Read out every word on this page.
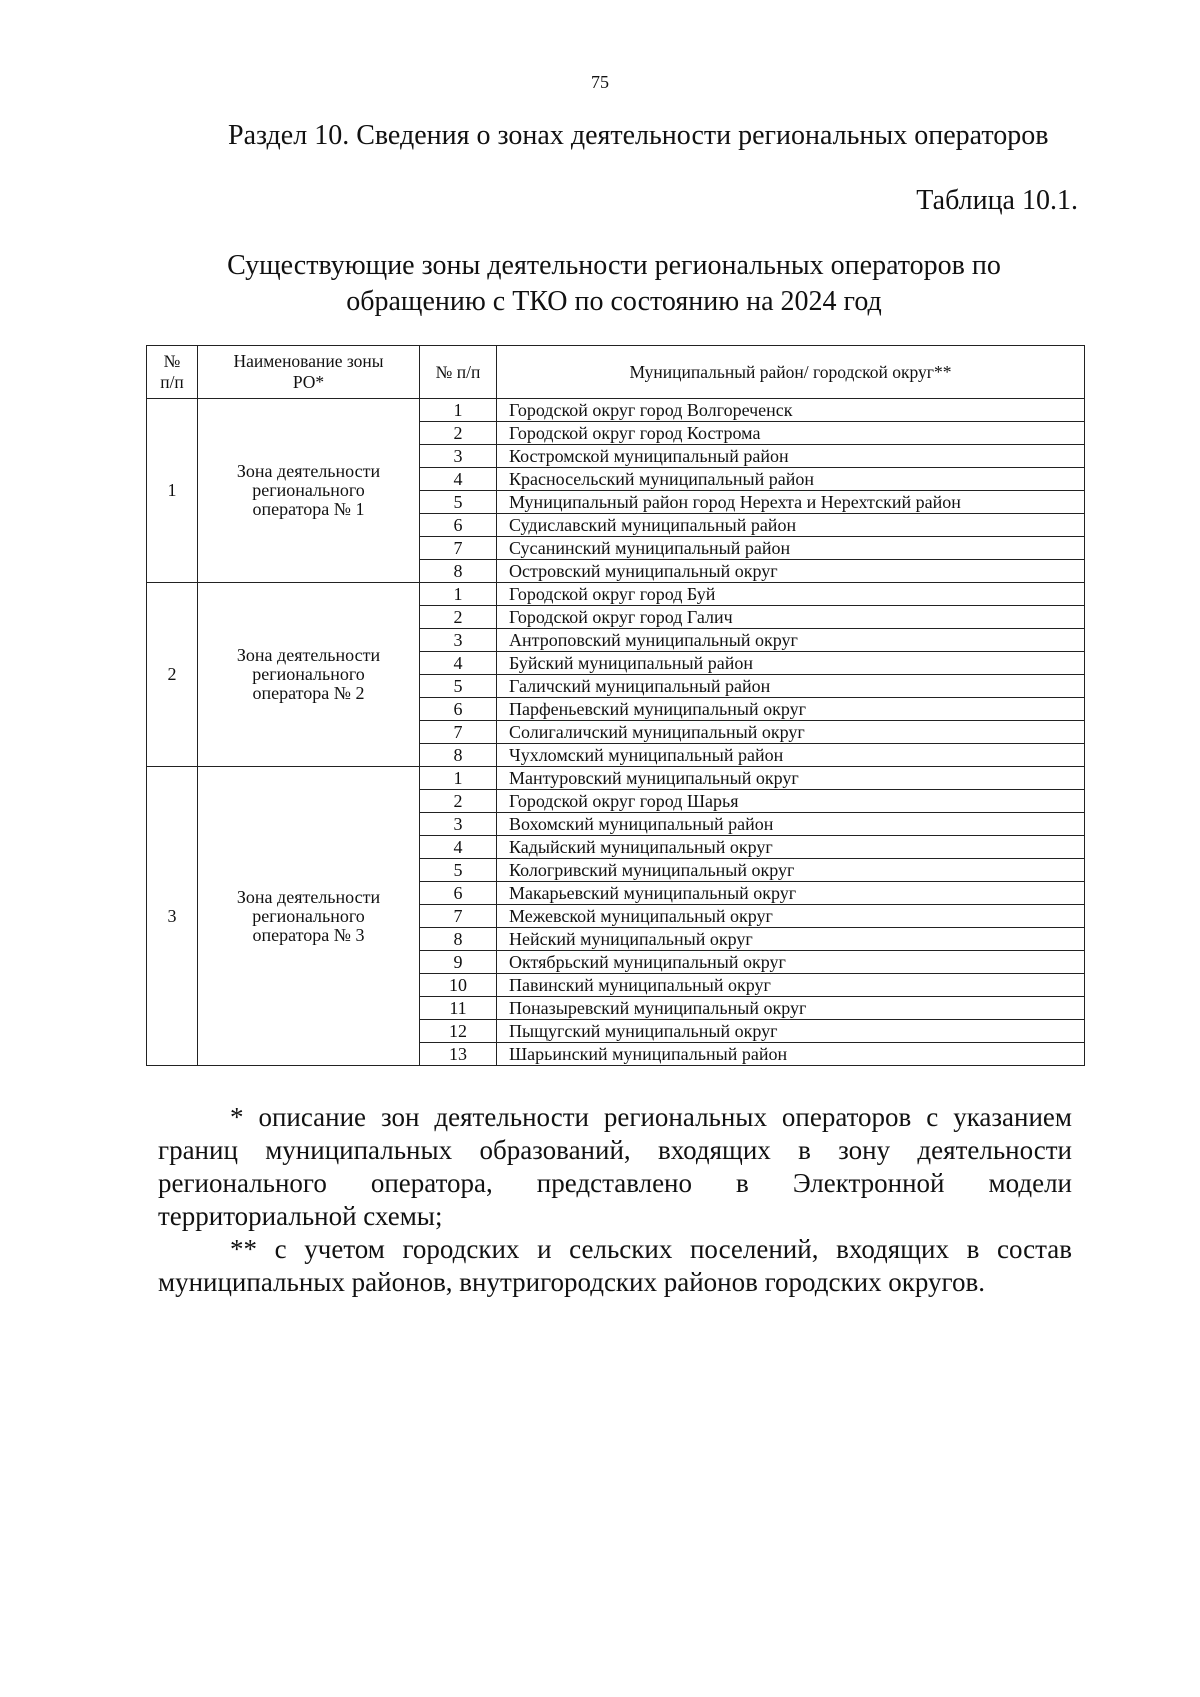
75
Раздел 10. Сведения о зонах деятельности региональных операторов
Таблица 10.1.
Существующие зоны деятельности региональных операторов по
обращению с ТКО по состоянию на 2024 год
№ п/п	Наименование зоны РО*	№ п/п	Муниципальный район/ городской округ**
1	Зона деятельности регионального оператора № 1	1	Городской округ город Волгореченск
		2	Городской округ город Кострома
		3	Костромской муниципальный район
		4	Красносельский муниципальный район
		5	Муниципальный район город Нерехта и Нерехтский район
		6	Судиславский муниципальный район
		7	Сусанинский муниципальный район
		8	Островский муниципальный округ
2	Зона деятельности регионального оператора № 2	1	Городской округ город Буй
		2	Городской округ город Галич
		3	Антроповский муниципальный округ
		4	Буйский муниципальный район
		5	Галичский муниципальный район
		6	Парфеньевский муниципальный округ
		7	Солигаличский муниципальный округ
		8	Чухломский муниципальный район
3	Зона деятельности регионального оператора № 3	1	Мантуровский муниципальный округ
		2	Городской округ город Шарья
		3	Вохомский муниципальный район
		4	Кадыйский муниципальный округ
		5	Кологривский муниципальный округ
		6	Макарьевский муниципальный округ
		7	Межевской муниципальный округ
		8	Нейский муниципальный округ
		9	Октябрьский муниципальный округ
		10	Павинский муниципальный округ
		11	Поназыревский муниципальный округ
		12	Пыщугский муниципальный округ
		13	Шарьинский муниципальный район

* описание зон деятельности региональных операторов с указанием границ муниципальных образований, входящих в зону деятельности регионального оператора, представлено в Электронной модели территориальной схемы;

** с учетом городских и сельских поселений, входящих в состав муниципальных районов, внутригородских районов городских округов.
